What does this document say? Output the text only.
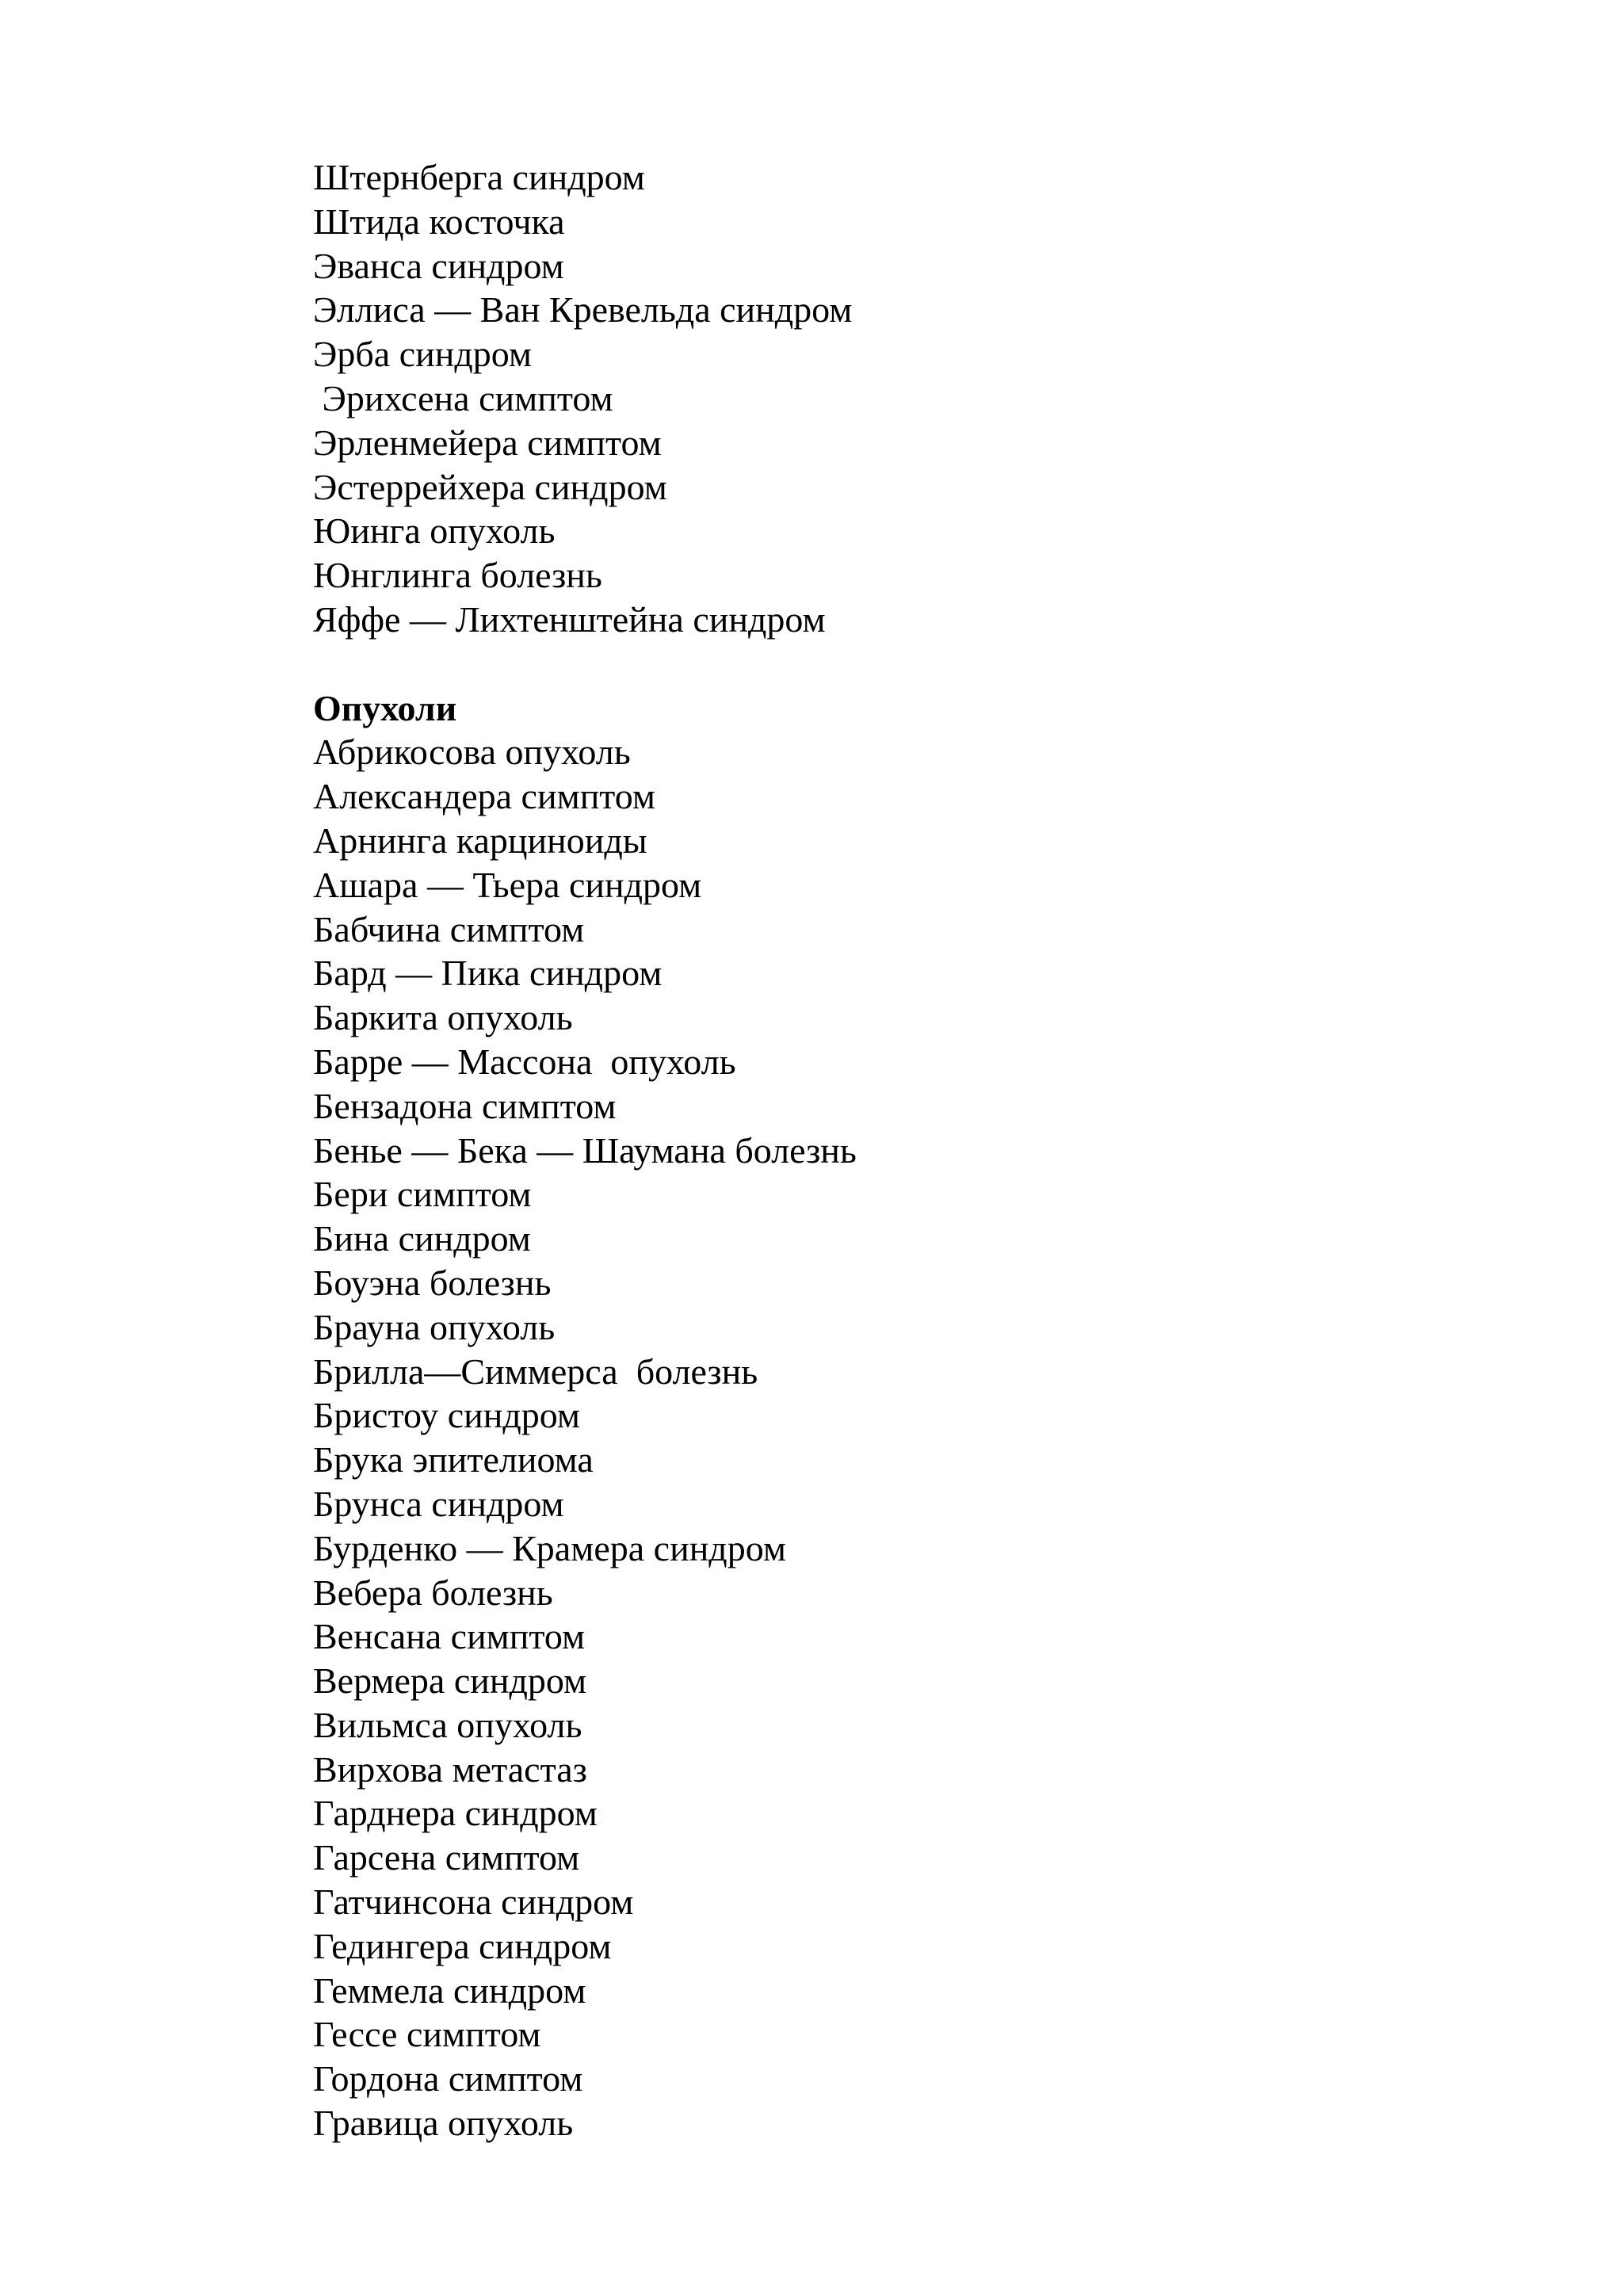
Штернберга синдром
Штида косточка
Эванса синдром
Эллиса — Ван Кревельда синдром
Эрба синдром
Эрихсена симптом
Эрленмейера симптом
Эстеррейхера синдром
Юинга опухоль
Юнглинга болезнь
Яффе — Лихтенштейна синдром
Опухоли
Абрикосова опухоль
Александера симптом
Арнинга карциноиды
Ашара — Тьера синдром
Бабчина симптом
Бард — Пика синдром
Баркита опухоль
Барре — Массона  опухоль
Бензадона симптом
Бенье — Бека — Шаумана болезнь
Бери симптом
Бина синдром
Боуэна болезнь
Брауна опухоль
Брилла—Симмерса  болезнь
Бристоу синдром
Брука эпителиома
Брунса синдром
Бурденко — Крамера синдром
Вебера болезнь
Венсана симптом
Вермера синдром
Вильмса опухоль
Вирхова метастаз
Гарднера синдром
Гарсена симптом
Гатчинсона синдром
Гедингера синдром
Геммела синдром
Гессе симптом
Гордона симптом
Гравица опухоль
